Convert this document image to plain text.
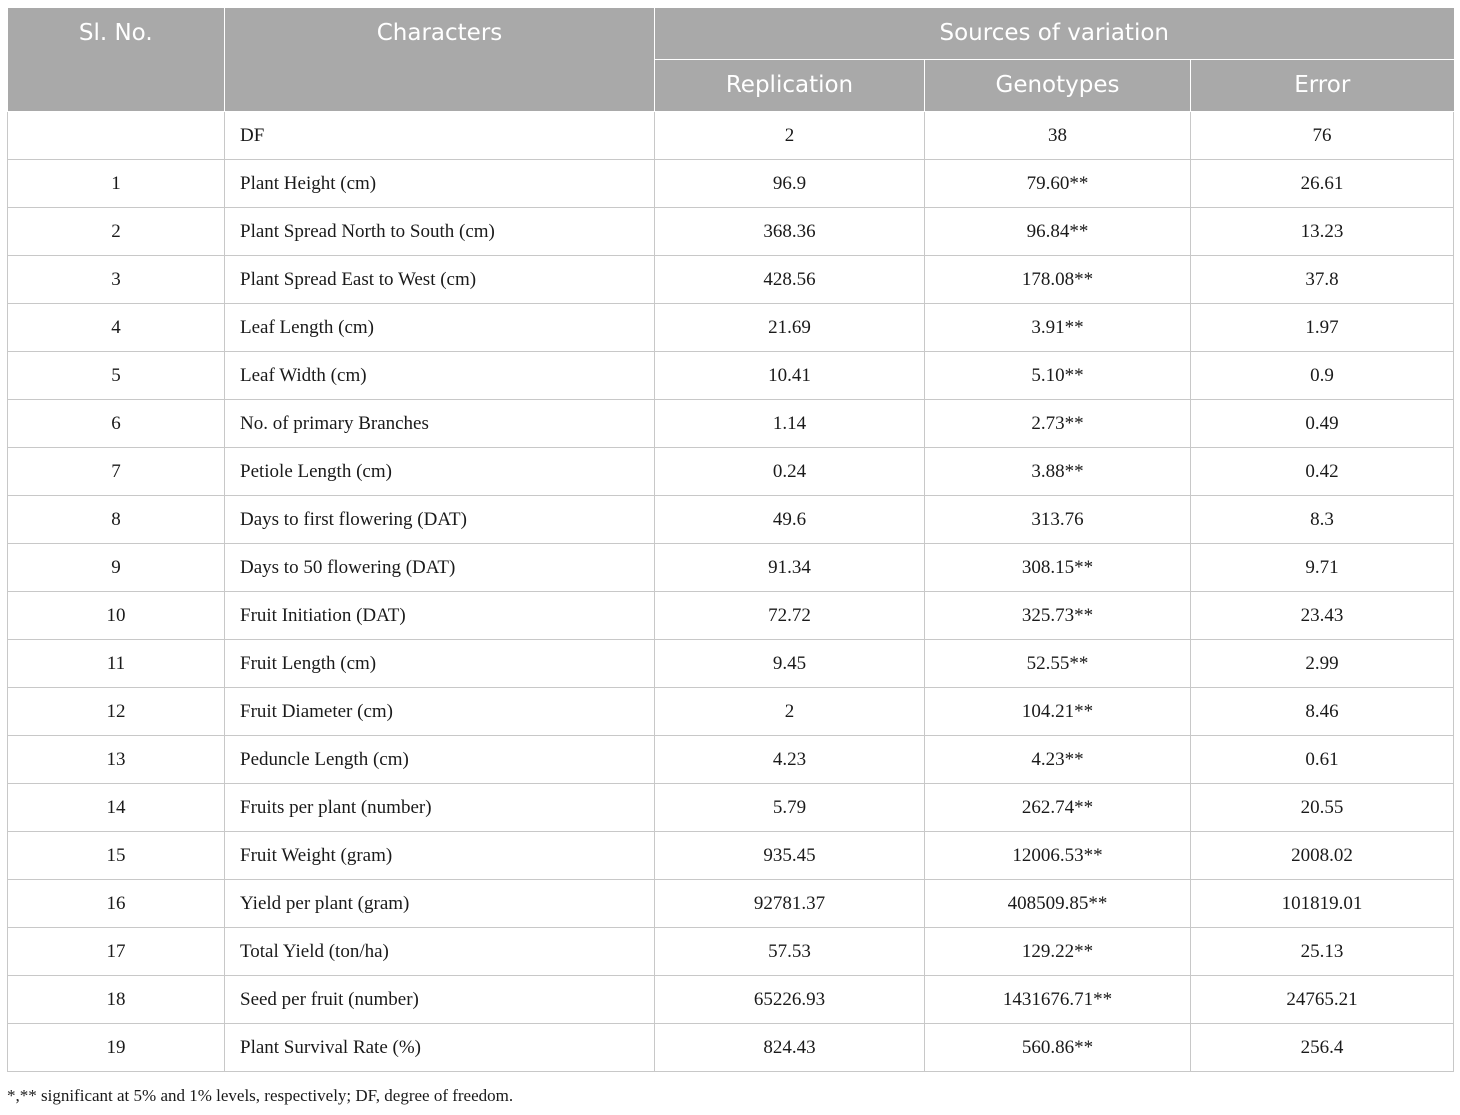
Sl. No.	Characters	Sources of variation		
		Replication	Genotypes	Error
	DF	2	38	76
1	Plant Height (cm)	96.9	79.60**	26.61
2	Plant Spread North to South (cm)	368.36	96.84**	13.23
3	Plant Spread East to West (cm)	428.56	178.08**	37.8
4	Leaf Length (cm)	21.69	3.91**	1.97
5	Leaf Width (cm)	10.41	5.10**	0.9
6	No. of primary Branches	1.14	2.73**	0.49
7	Petiole Length (cm)	0.24	3.88**	0.42
8	Days to first flowering (DAT)	49.6	313.76	8.3
9	Days to 50 flowering (DAT)	91.34	308.15**	9.71
10	Fruit Initiation (DAT)	72.72	325.73**	23.43
11	Fruit Length (cm)	9.45	52.55**	2.99
12	Fruit Diameter (cm)	2	104.21**	8.46
13	Peduncle Length (cm)	4.23	4.23**	0.61
14	Fruits per plant (number)	5.79	262.74**	20.55
15	Fruit Weight (gram)	935.45	12006.53**	2008.02
16	Yield per plant (gram)	92781.37	408509.85**	101819.01
17	Total Yield (ton/ha)	57.53	129.22**	25.13
18	Seed per fruit (number)	65226.93	1431676.71**	24765.21
19	Plant Survival Rate (%)	824.43	560.86**	256.4
*,** significant at 5% and 1% levels, respectively; DF, degree of freedom.
